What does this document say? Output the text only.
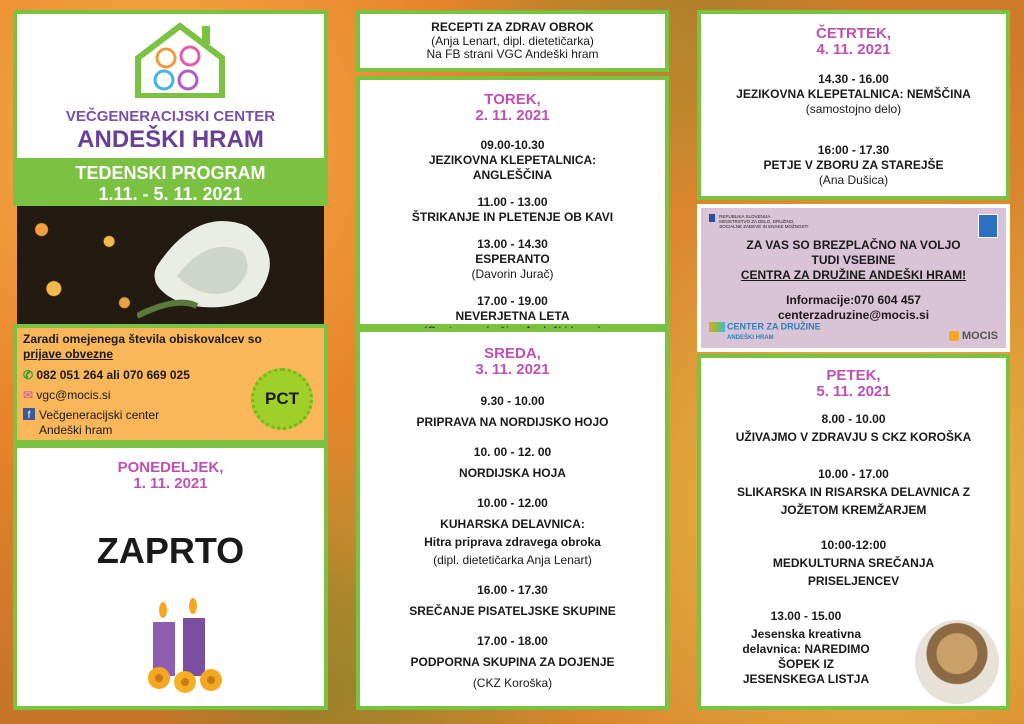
VEČGENERACIJSKI CENTER
ANDEŠKI HRAM
TEDENSKI PROGRAM
1.11. - 5. 11. 2021
Zaradi omejenega števila obiskovalcev so
prijave obvezne
✆ 082 051 264 ali 070 669 025
✉ vgc@mocis.si
f Večgeneracijski center
Andeški hram
PCT
PONEDELJEK,
1. 11. 2021
ZAPRTO
RECEPTI ZA ZDRAV OBROK
(Anja Lenart, dipl. dietetičarka)
Na FB strani VGC Andeški hram
TOREK,
2. 11. 2021
09.00-10.30
JEZIKOVNA KLEPETALNICA:
ANGLEŠČINA
11.00 - 13.00
ŠTRIKANJE IN PLETENJE OB KAVI
13.00 - 14.30
ESPERANTO
(Davorin Jurač)
17.00 - 19.00
NEVERJETNA LETA
SREDA,
3. 11. 2021
9.30 - 10.00
PRIPRAVA NA NORDIJSKO HOJO
10. 00 - 12. 00
NORDIJSKA HOJA
10.00 - 12.00
KUHARSKA DELAVNICA:
Hitra priprava zdravega obroka
(dipl. dietetičarka Anja Lenart)
16.00 - 17.30
SREČANJE PISATELJSKE SKUPINE
17.00 - 18.00
PODPORNA SKUPINA ZA DOJENJE
(CKZ Koroška)
ČETRTEK,
4. 11. 2021
14.30 - 16.00
JEZIKOVNA KLEPETALNICA: NEMŠČINA
(samostojno delo)
16:00 - 17.30
PETJE V ZBORU ZA STAREJŠE
(Ana Dušica)
REPUBLIKA SLOVENIJA
MINISTRSTVO ZA DELO, DRUŽINO,
SOCIALNE ZADEVE IN ENAKE MOŽNOSTI
ZA VAS SO BREZPLAČNO NA VOLJO
TUDI VSEBINE
CENTRA ZA DRUŽINE ANDEŠKI HRAM!
Informacije:070 604 457
centerzadruzine@mocis.si
CENTER ZA DRUŽINE
ANDEŠKI HRAM	MOCIS
PETEK,
5. 11. 2021
8.00 - 10.00
UŽIVAJMO V ZDRAVJU S CKZ KOROŠKA
10.00 - 17.00
SLIKARSKA IN RISARSKA DELAVNICA Z
JOŽETOM KREMŽARJEM
10:00-12:00
MEDKULTURNA SREČANJA
PRISELJENCEV
13.00 - 15.00
Jesenska kreativna
delavnica: NAREDIMO
ŠOPEK IZ
JESENSKEGA LISTJA
